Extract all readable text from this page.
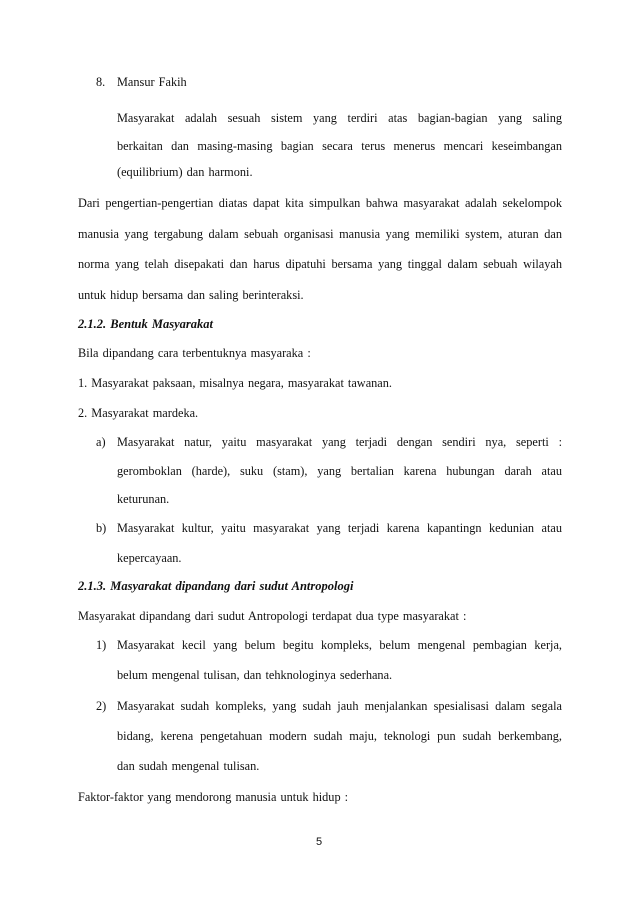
8. Mansur Fakih
Masyarakat adalah sesuah sistem yang terdiri atas bagian-bagian yang saling
berkaitan dan masing-masing bagian secara terus menerus mencari keseimbangan
(equilibrium) dan harmoni.
Dari pengertian-pengertian diatas dapat kita simpulkan bahwa masyarakat adalah sekelompok
manusia yang tergabung dalam sebuah organisasi manusia yang memiliki system, aturan dan
norma yang telah disepakati dan harus dipatuhi bersama yang tinggal dalam sebuah wilayah
untuk hidup bersama dan saling berinteraksi.
2.1.2. Bentuk Masyarakat
Bila dipandang cara terbentuknya masyaraka :
1. Masyarakat paksaan, misalnya negara, masyarakat tawanan.
2. Masyarakat mardeka.
a) Masyarakat natur, yaitu masyarakat yang terjadi dengan sendiri nya, seperti :
geromboklan (harde), suku (stam), yang bertalian karena hubungan darah atau
keturunan.
b) Masyarakat kultur, yaitu masyarakat yang terjadi karena kapantingn kedunian atau
kepercayaan.
2.1.3. Masyarakat dipandang dari sudut Antropologi
Masyarakat dipandang dari sudut Antropologi terdapat dua type masyarakat :
1) Masyarakat kecil yang belum begitu kompleks, belum mengenal pembagian kerja,
belum mengenal tulisan, dan tehknologinya sederhana.
2) Masyarakat sudah kompleks, yang sudah jauh menjalankan spesialisasi dalam segala
bidang, kerena pengetahuan modern sudah maju, teknologi pun sudah berkembang,
dan sudah mengenal tulisan.
Faktor-faktor yang mendorong manusia untuk hidup :
5
